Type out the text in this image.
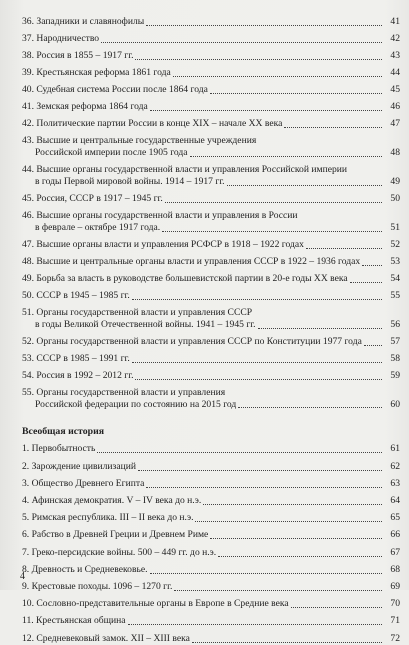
36. Западники и славянофилы	41
37. Народничество	42
38. Россия в 1855 – 1917 гг.	43
39. Крестьянская реформа 1861 года	44
40. Судебная система России после 1864 года	45
41. Земская реформа 1864 года	46
42. Политические партии России в конце XIX – начале XX века	47
43. Высшие и центральные государственные учреждения
Российской империи после 1905 года	48
44. Высшие органы государственной власти и управления Российской империи
в годы Первой мировой войны. 1914 – 1917 гг.	49
45. Россия, СССР в 1917 – 1945 гг.	50
46. Высшие органы государственной власти и управления в России
в феврале – октябре 1917 года.	51
47. Высшие органы власти и управления РСФСР в 1918 – 1922 годах	52
48. Высшие и центральные органы власти и управления СССР в 1922 – 1936 годах	53
49. Борьба за власть в руководстве большевистской партии в 20-е годы XX века	54
50. СССР в 1945 – 1985 гг.	55
51. Органы государственной власти и управления СССР
в годы Великой Отечественной войны. 1941 – 1945 гг.	56
52. Органы государственной власти и управления СССР по Конституции 1977 года	57
53. СССР в 1985 – 1991 гг.	58
54. Россия в 1992 – 2012 гг.	59
55. Органы государственной власти и управления
Российской федерации по состоянию на 2015 год	60
Всеобщая история
1. Первобытность	61
2. Зарождение цивилизаций	62
3. Общество Древнего Египта	63
4. Афинская демократия. V – IV века до н.э.	64
5. Римская республика. III – II века до н.э.	65
6. Рабство в Древней Греции и Древнем Риме	66
7. Греко-персидские войны. 500 – 449 гг. до н.э.	67
8. Древность и Средневековье.	68
9. Крестовые походы. 1096 – 1270 гг.	69
10. Сословно-представительные органы в Европе в Средние века	70
11. Крестьянская община	71
12. Средневековый замок. XII – XIII века	72
4
